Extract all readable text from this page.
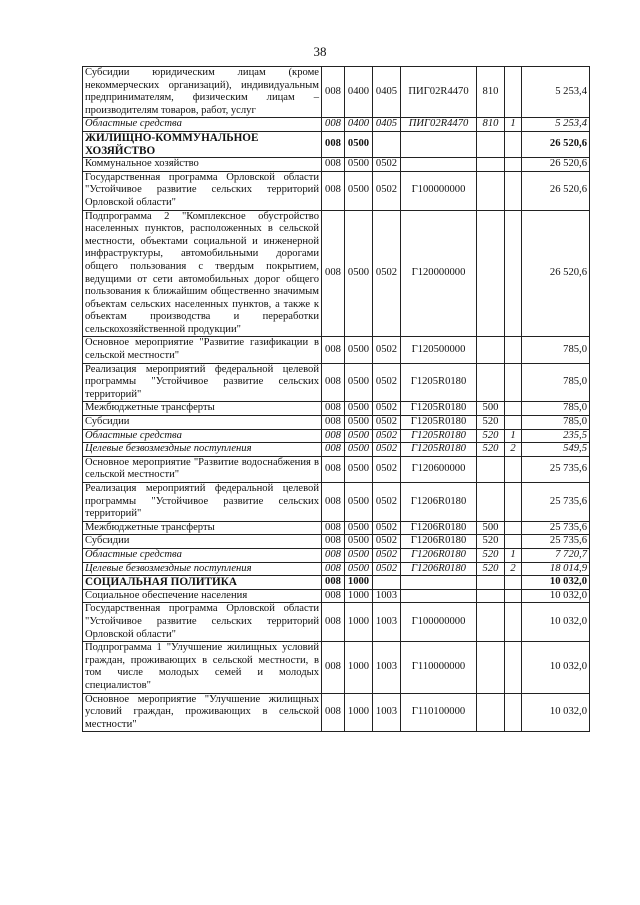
38
Субсидии юридическим лицам (кроме некоммерческих организаций), индивидуальным предпринимателям, физическим лицам – производителям товаров, работ, услуг	008	0400	0405	ПИГ02R4470	810		5 253,4
Областные средства	008	0400	0405	ПИГ02R4470	810	1	5 253,4
ЖИЛИЩНО-КОММУНАЛЬНОЕ ХОЗЯЙСТВО	008	0500					26 520,6
Коммунальное хозяйство	008	0500	0502				26 520,6
Государственная программа Орловской области "Устойчивое развитие сельских территорий Орловской области"	008	0500	0502	Г100000000			26 520,6
Подпрограмма 2 "Комплексное обустройство населенных пунктов, расположенных в сельской местности, объектами социальной и инженерной инфраструктуры, автомобильными дорогами общего пользования с твердым покрытием, ведущими от сети автомобильных дорог общего пользования к ближайшим общественно значимым объектам сельских населенных пунктов, а также к объектам производства и переработки сельскохозяйственной продукции"	008	0500	0502	Г120000000			26 520,6
Основное мероприятие "Развитие газификации в сельской местности"	008	0500	0502	Г120500000			785,0
Реализация мероприятий федеральной целевой программы "Устойчивое развитие сельских территорий"	008	0500	0502	Г1205R0180			785,0
Межбюджетные трансферты	008	0500	0502	Г1205R0180	500		785,0
Субсидии	008	0500	0502	Г1205R0180	520		785,0
Областные средства	008	0500	0502	Г1205R0180	520	1	235,5
Целевые безвозмездные поступления	008	0500	0502	Г1205R0180	520	2	549,5
Основное мероприятие "Развитие водоснабжения в сельской местности"	008	0500	0502	Г120600000			25 735,6
Реализация мероприятий федеральной целевой программы "Устойчивое развитие сельских территорий"	008	0500	0502	Г1206R0180			25 735,6
Межбюджетные трансферты	008	0500	0502	Г1206R0180	500		25 735,6
Субсидии	008	0500	0502	Г1206R0180	520		25 735,6
Областные средства	008	0500	0502	Г1206R0180	520	1	7 720,7
Целевые безвозмездные поступления	008	0500	0502	Г1206R0180	520	2	18 014,9
СОЦИАЛЬНАЯ ПОЛИТИКА	008	1000					10 032,0
Социальное обеспечение населения	008	1000	1003				10 032,0
Государственная программа Орловской области "Устойчивое развитие сельских территорий Орловской области"	008	1000	1003	Г100000000			10 032,0
Подпрограмма 1 "Улучшение жилищных условий граждан, проживающих в сельской местности, в том числе молодых семей и молодых специалистов"	008	1000	1003	Г110000000			10 032,0
Основное мероприятие "Улучшение жилищных условий граждан, проживающих в сельской местности"	008	1000	1003	Г110100000			10 032,0
